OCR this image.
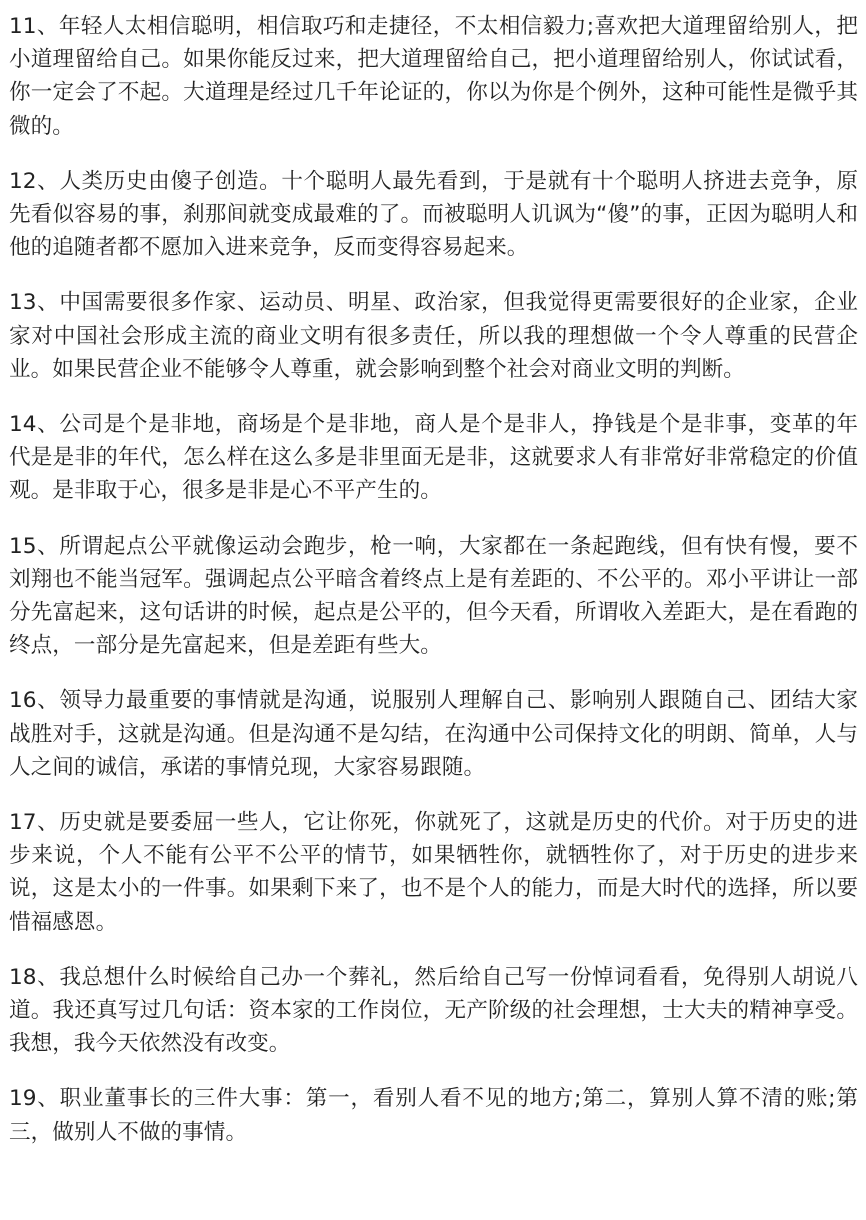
11、年轻人太相信聪明，相信取巧和走捷径，不太相信毅力;喜欢把大道理留给别人，把小道理留给自己。如果你能反过来，把大道理留给自己，把小道理留给别人，你试试看，你一定会了不起。大道理是经过几千年论证的，你以为你是个例外，这种可能性是微乎其微的。

12、人类历史由傻子创造。十个聪明人最先看到，于是就有十个聪明人挤进去竞争，原先看似容易的事，刹那间就变成最难的了。而被聪明人讥讽为“傻”的事，正因为聪明人和他的追随者都不愿加入进来竞争，反而变得容易起来。

13、中国需要很多作家、运动员、明星、政治家，但我觉得更需要很好的企业家，企业家对中国社会形成主流的商业文明有很多责任，所以我的理想做一个令人尊重的民营企业。如果民营企业不能够令人尊重，就会影响到整个社会对商业文明的判断。

14、公司是个是非地，商场是个是非地，商人是个是非人，挣钱是个是非事，变革的年代是是非的年代，怎么样在这么多是非里面无是非，这就要求人有非常好非常稳定的价值观。是非取于心，很多是非是心不平产生的。

15、所谓起点公平就像运动会跑步，枪一响，大家都在一条起跑线，但有快有慢，要不刘翔也不能当冠军。强调起点公平暗含着终点上是有差距的、不公平的。邓小平讲让一部分先富起来，这句话讲的时候，起点是公平的，但今天看，所谓收入差距大，是在看跑的终点，一部分是先富起来，但是差距有些大。

16、领导力最重要的事情就是沟通，说服别人理解自己、影响别人跟随自己、团结大家战胜对手，这就是沟通。但是沟通不是勾结，在沟通中公司保持文化的明朗、简单，人与人之间的诚信，承诺的事情兑现，大家容易跟随。

17、历史就是要委屈一些人，它让你死，你就死了，这就是历史的代价。对于历史的进步来说，个人不能有公平不公平的情节，如果牺牲你，就牺牲你了，对于历史的进步来说，这是太小的一件事。如果剩下来了，也不是个人的能力，而是大时代的选择，所以要惜福感恩。

18、我总想什么时候给自己办一个葬礼，然后给自己写一份悼词看看，免得别人胡说八道。我还真写过几句话：资本家的工作岗位，无产阶级的社会理想，士大夫的精神享受。我想，我今天依然没有改变。

19、职业董事长的三件大事：第一，看别人看不见的地方;第二，算别人算不清的账;第三，做别人不做的事情。
